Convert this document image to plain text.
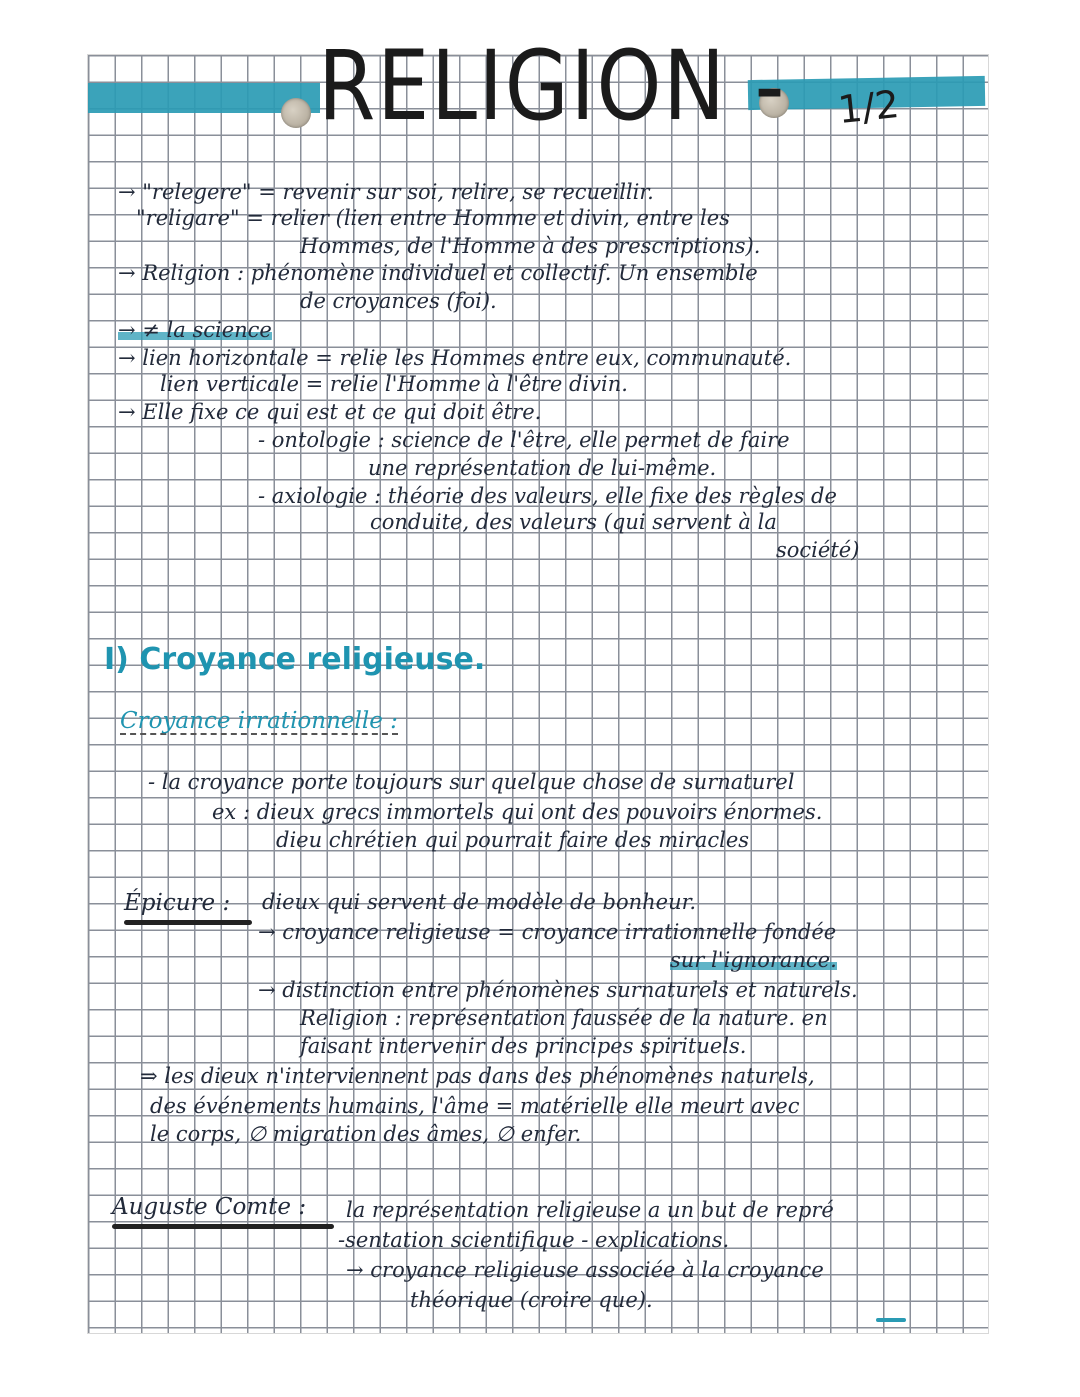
RELIGION - 1/2
→ "relegere" = revenir sur soi, relire, se recueillir.
"religare" = relier (lien entre Homme et divin, entre les
Hommes, de l'Homme à des prescriptions).
→ Religion : phénomène individuel et collectif. Un ensemble
de croyances (foi).
→ ≠ la science
→ lien horizontale = relie les Hommes entre eux, communauté.
lien verticale = relie l'Homme à l'être divin.
→ Elle fixe ce qui est et ce qui doit être.
- ontologie : science de l'être, elle permet de faire
une représentation de lui-même.
- axiologie : théorie des valeurs, elle fixe des règles de
conduite, des valeurs (qui servent à la
société)
I) Croyance religieuse.
Croyance irrationnelle :
- la croyance porte toujours sur quelque chose de surnaturel
ex : dieux grecs immortels qui ont des pouvoirs énormes.
dieu chrétien qui pourrait faire des miracles
Épicure : dieux qui servent de modèle de bonheur.
→ croyance religieuse = croyance irrationnelle fondée
sur l'ignorance.
→ distinction entre phénomènes surnaturels et naturels.
Religion : représentation faussée de la nature. en
faisant intervenir des principes spirituels.
⇒ les dieux n'interviennent pas dans des phénomènes naturels,
des événements humains, l'âme = matérielle elle meurt avec
le corps, ∅ migration des âmes, ∅ enfer.
Auguste Comte : la représentation religieuse a un but de repré
-sentation scientifique - explications.
→ croyance religieuse associée à la croyance
théorique (croire que).
